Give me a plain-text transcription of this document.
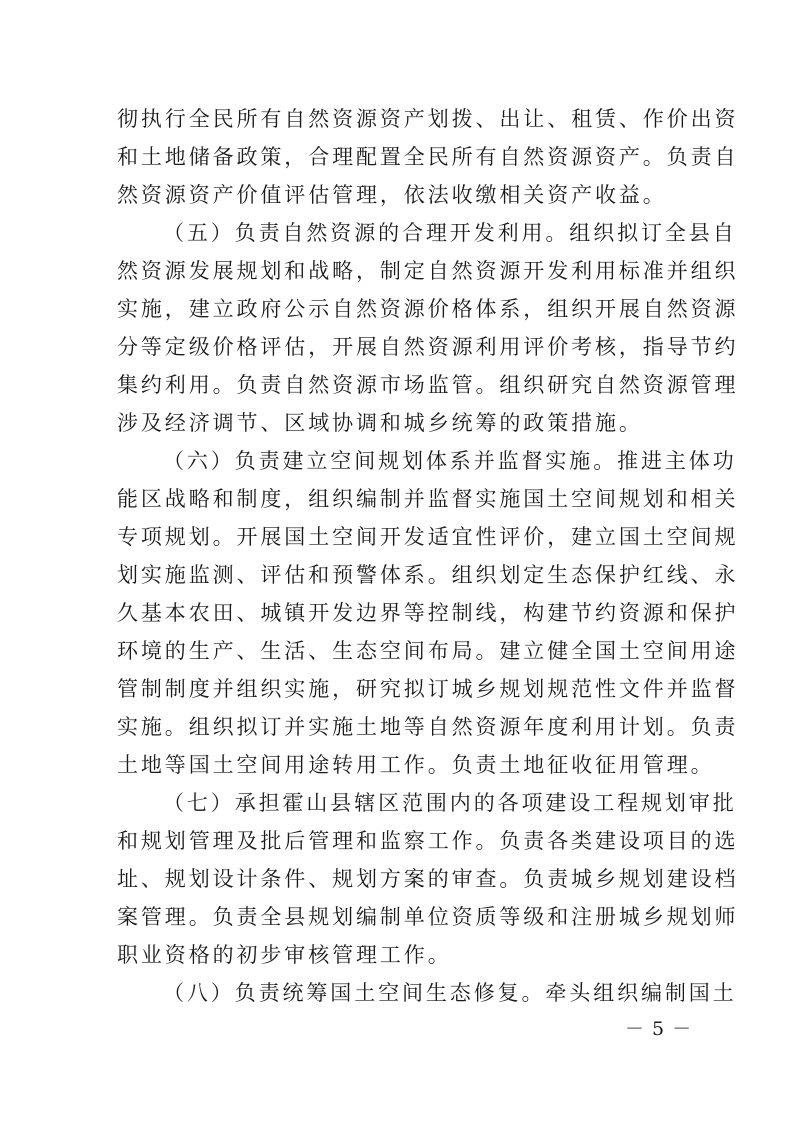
彻执行全民所有自然资源资产划拨、出让、租赁、作价出资
和土地储备政策，合理配置全民所有自然资源资产。负责自
然资源资产价值评估管理，依法收缴相关资产收益。
（五）负责自然资源的合理开发利用。组织拟订全县自
然资源发展规划和战略，制定自然资源开发利用标准并组织
实施，建立政府公示自然资源价格体系，组织开展自然资源
分等定级价格评估，开展自然资源利用评价考核，指导节约
集约利用。负责自然资源市场监管。组织研究自然资源管理
涉及经济调节、区域协调和城乡统筹的政策措施。
（六）负责建立空间规划体系并监督实施。推进主体功
能区战略和制度，组织编制并监督实施国土空间规划和相关
专项规划。开展国土空间开发适宜性评价，建立国土空间规
划实施监测、评估和预警体系。组织划定生态保护红线、永
久基本农田、城镇开发边界等控制线，构建节约资源和保护
环境的生产、生活、生态空间布局。建立健全国土空间用途
管制制度并组织实施，研究拟订城乡规划规范性文件并监督
实施。组织拟订并实施土地等自然资源年度利用计划。负责
土地等国土空间用途转用工作。负责土地征收征用管理。
（七）承担霍山县辖区范围内的各项建设工程规划审批
和规划管理及批后管理和监察工作。负责各类建设项目的选
址、规划设计条件、规划方案的审查。负责城乡规划建设档
案管理。负责全县规划编制单位资质等级和注册城乡规划师
职业资格的初步审核管理工作。
（八）负责统筹国土空间生态修复。牵头组织编制国土
－ 5 －
